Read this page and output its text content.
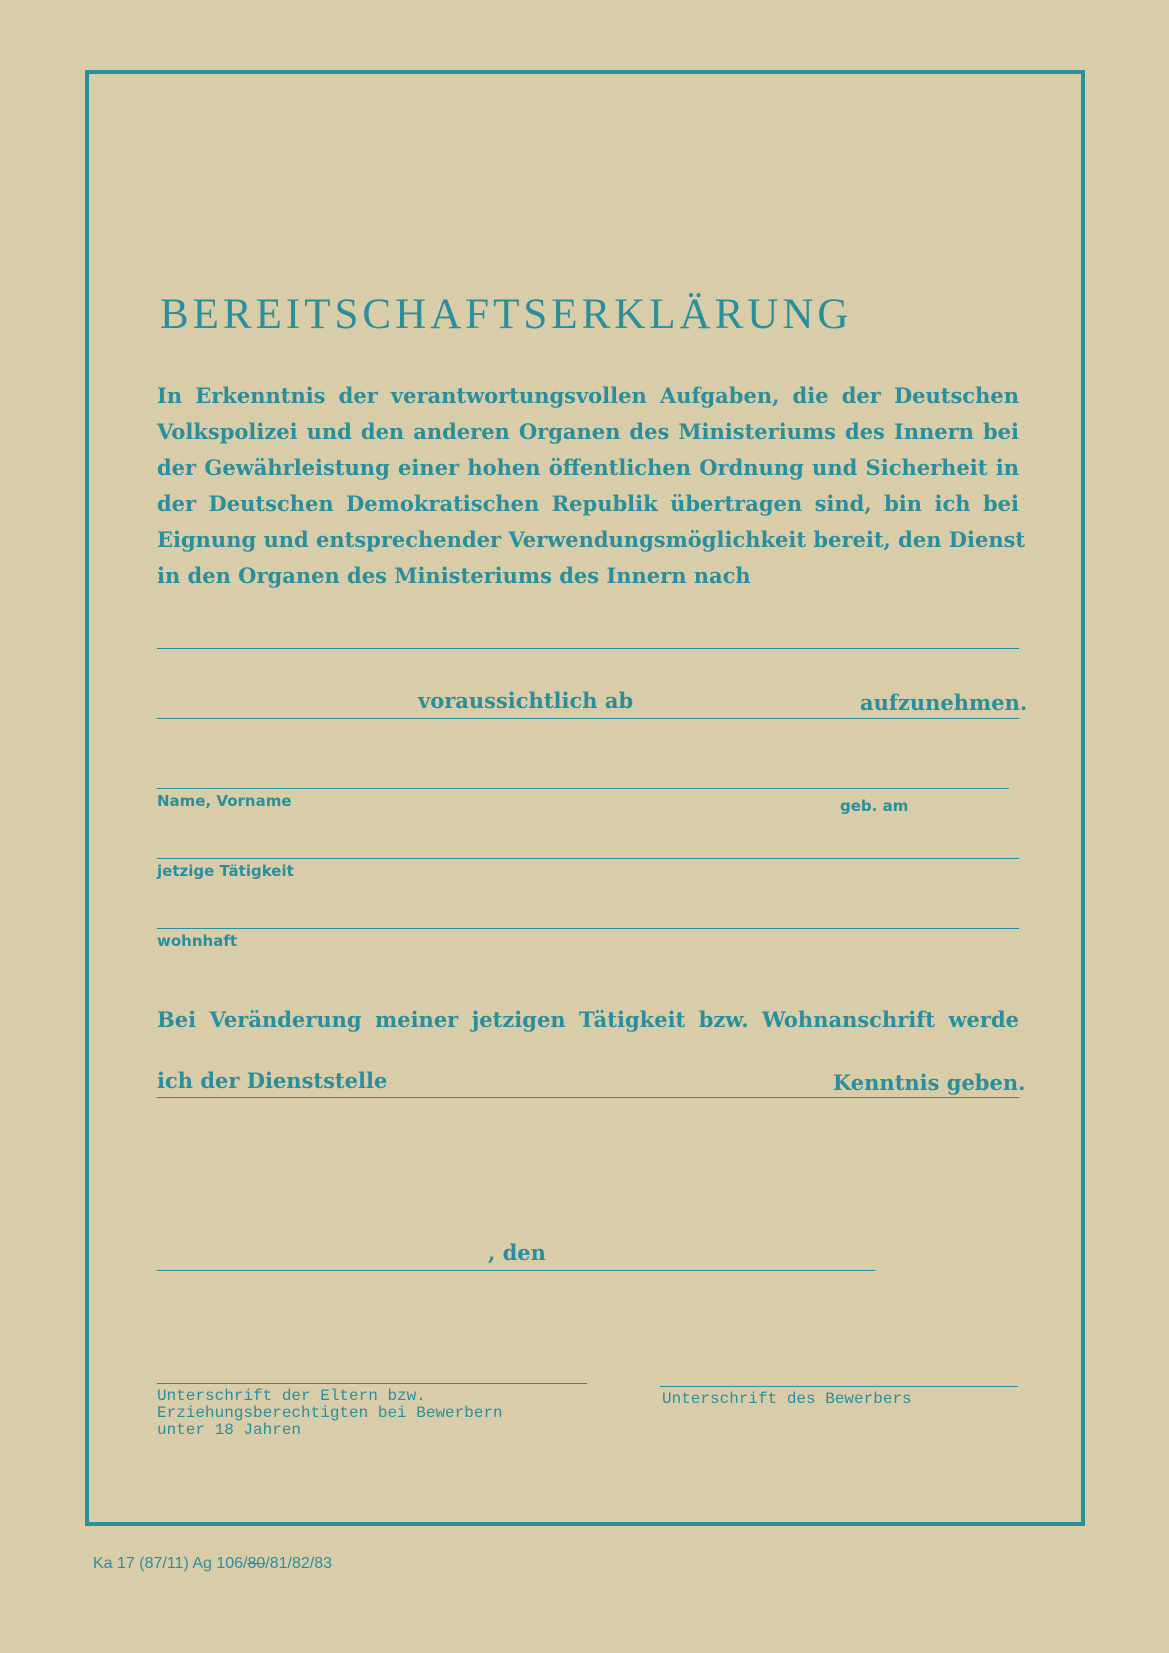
BEREITSCHAFTSERKLÄRUNG
In Erkenntnis der verantwortungsvollen Aufgaben, die der Deutschen
Volkspolizei und den anderen Organen des Ministeriums des Innern bei
der Gewährleistung einer hohen öffentlichen Ordnung und Sicherheit in
der Deutschen Demokratischen Republik übertragen sind, bin ich bei
Eignung und entsprechender Verwendungsmöglichkeit bereit, den Dienst
in den Organen des Ministeriums des Innern nach
voraussichtlich ab	aufzunehmen.
Name, Vorname	geb. am
jetzige Tätigkeit
wohnhaft
Bei Veränderung meiner jetzigen Tätigkeit bzw. Wohnanschrift werde
ich der Dienststelle	Kenntnis geben.
, den
Unterschrift der Eltern bzw.
Erziehungsberechtigten bei Bewerbern
unter 18 Jahren
Unterschrift des Bewerbers
Ka 17 (87/11) Ag 106/80/81/82/83
